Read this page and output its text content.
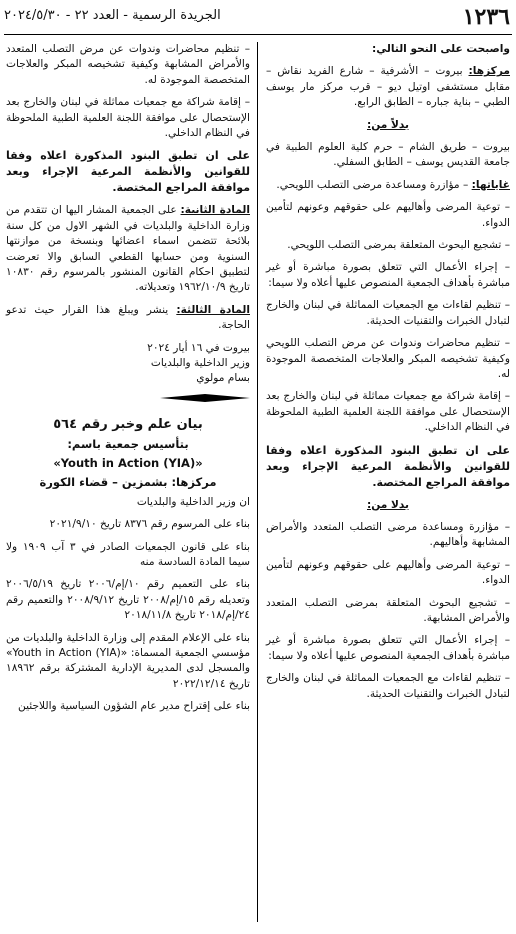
١٢٣٦
الجريدة الرسمية - العدد ٢٢ - ٢٠٢٤/٥/٣٠

واصبحت على النحو التالي:

مركزها: بيروت – الأشرفية – شارع الفريد نقاش – مقابل مستشفى اوتيل ديو – قرب مركز مار يوسف الطبي – بناية جباره – الطابق الرابع.

بدلاً من:

بيروت – طريق الشام – حرم كلية العلوم الطبية في جامعة القديس يوسف – الطابق السفلي.

غاياتها: – مؤازرة ومساعدة مرضى التصلب اللويحي.

– توعية المرضى وأهاليهم على حقوقهم وعونهم لتأمين الدواء.

– تشجيع البحوث المتعلقة بمرضى التصلب اللويحي.

– إجراء الأعمال التي تتعلق بصورة مباشرة أو غير مباشرة بأهداف الجمعية المنصوص عليها أعلاه ولا سيما:

– تنظيم لقاءات مع الجمعيات المماثلة في لبنان والخارج لتبادل الخبرات والتقنيات الحديثة.

– تنظيم محاضرات وندوات عن مرض التصلب اللويحي وكيفية تشخيصه المبكر والعلاجات المتخصصة الموجودة له.

– إقامة شراكة مع جمعيات مماثلة في لبنان والخارج بعد الإستحصال على موافقة اللجنة العلمية الطبية الملحوظة في النظام الداخلي.

على ان تطبق البنود المذكورة اعلاه وفقا للقوانين والأنظمة المرعية الإجراء وبعد موافقة المراجع المختصة.

بدلا من:

– مؤازرة ومساعدة مرضى التصلب المتعدد والأمراض المشابهة وأهاليهم.

– توعية المرضى وأهاليهم على حقوقهم وعونهم لتأمين الدواء.

– تشجيع البحوث المتعلقة بمرضى التصلب المتعدد والأمراض المشابهة.

– إجراء الأعمال التي تتعلق بصورة مباشرة أو غير مباشرة بأهداف الجمعية المنصوص عليها أعلاه ولا سيما:

– تنظيم لقاءات مع الجمعيات المماثلة في لبنان والخارج لتبادل الخبرات والتقنيات الحديثة.

– تنظيم محاضرات وندوات عن مرض التصلب المتعدد والأمراض المشابهة وكيفية تشخيصه المبكر والعلاجات المتخصصة الموجودة له.

– إقامة شراكة مع جمعيات مماثلة في لبنان والخارج بعد الإستحصال على موافقة اللجنة العلمية الطبية الملحوظة في النظام الداخلي.

على ان تطبق البنود المذكورة اعلاه وفقا للقوانين والأنظمة المرعية الإجراء وبعد موافقة المراجع المختصة.

المادة الثانية: على الجمعية المشار اليها ان تتقدم من وزارة الداخلية والبلديات في الشهر الاول من كل سنة بلائحة تتضمن اسماء اعضائها وبنسخة من موازنتها السنوية ومن حسابها القطعي السابق والا تعرضت لتطبيق احكام القانون المنشور بالمرسوم رقم ١٠٨٣٠ تاريخ ١٩٦٢/١٠/٩ وتعديلاته.

المادة الثالثة: ينشر ويبلغ هذا القرار حيث تدعو الحاجة.

بيروت في ١٦ أيار ٢٠٢٤

وزير الداخلية والبلديات

بسام مولوي

بيان علم وخبر رقم ٥٦٤
بتأسيس جمعية باسم:
«Youth in Action (YIA)»
مركزها: بشمزين – قضاء الكورة

ان وزير الداخلية والبلديات

بناء على المرسوم رقم ٨٣٧٦ تاريخ ٢٠٢١/٩/١٠

بناء على قانون الجمعيات الصادر في ٣ آب ١٩٠٩ ولا سيما المادة السادسة منه

بناء على التعميم رقم ١٠/إم/٢٠٠٦ تاريخ ٢٠٠٦/٥/١٩ وتعديله رقم ١٥/إم/٢٠٠٨ تاريخ ٢٠٠٨/٩/١٢ والتعميم رقم ٢٤/إم/٢٠١٨ تاريخ ٢٠١٨/١١/٨

بناء على الإعلام المقدم إلى وزارة الداخلية والبلديات من مؤسسي الجمعية المسماة: «Youth in Action (YIA)» والمسجل لدى المديرية الإدارية المشتركة برقم ١٨٩٦٢ تاريخ ٢٠٢٢/١٢/١٤

بناء على إقتراح مدير عام الشؤون السياسية واللاجئين
